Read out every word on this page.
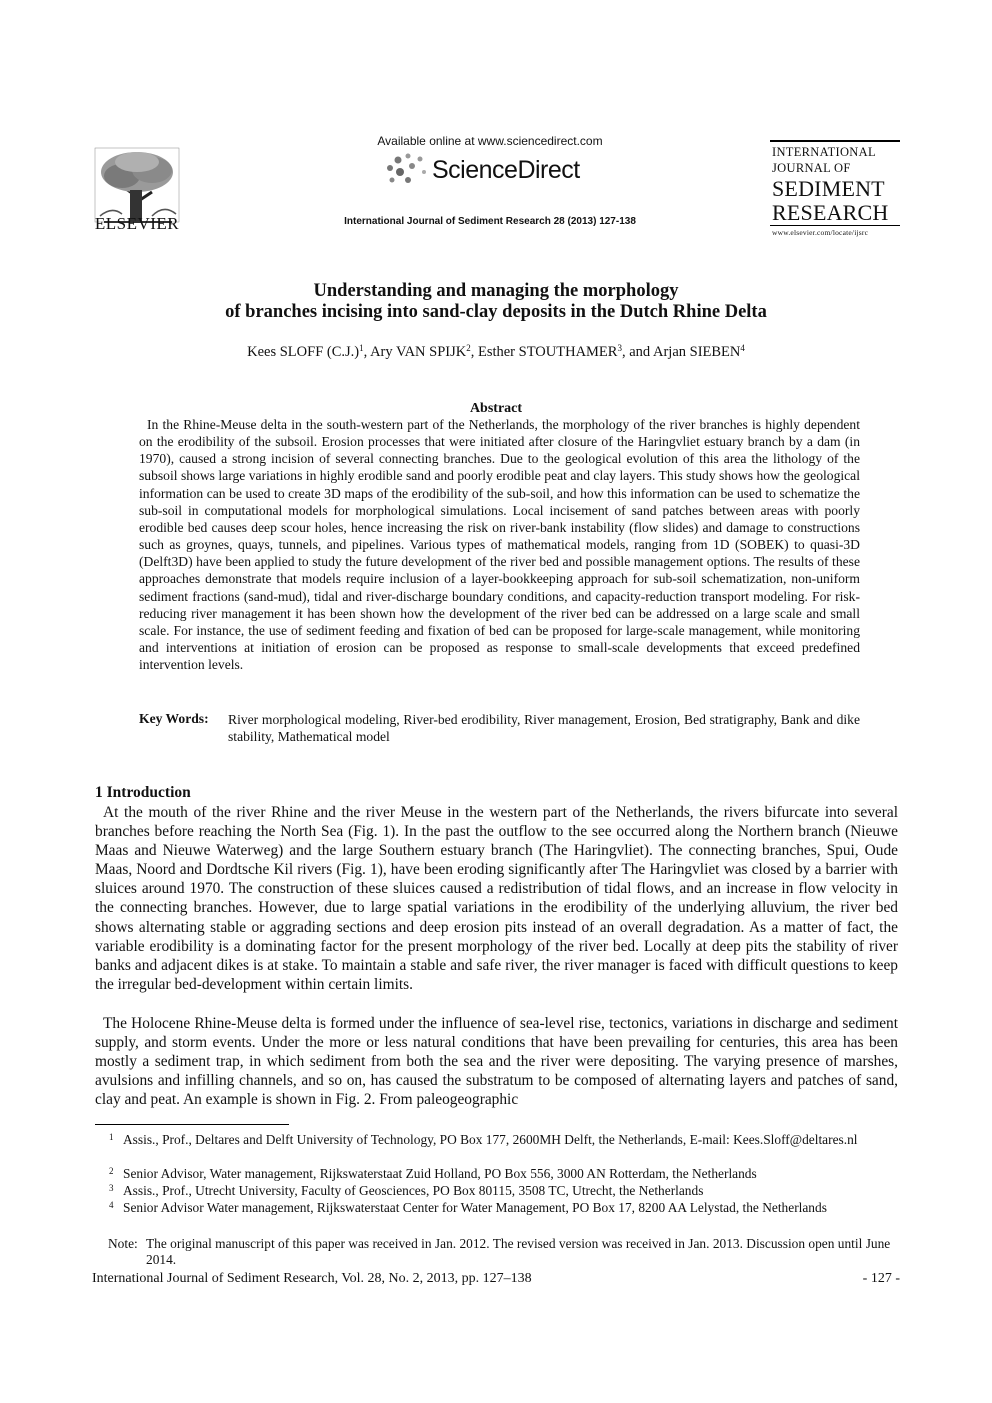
ELSEVIER
Available online at www.sciencedirect.com
ScienceDirect
International Journal of Sediment Research 28 (2013) 127-138
INTERNATIONAL
JOURNAL OF
SEDIMENT
RESEARCH
www.elsevier.com/locate/ijsrc
Understanding and managing the morphology
of branches incising into sand-clay deposits in the Dutch Rhine Delta
Kees SLOFF $(C.J.)^1$, Ary VAN SPIJK$^2$, Esther STOUTHAMER$^3$, and Arjan SIEBEN$^4$
Abstract
In the Rhine-Meuse delta in the south-western part of the Netherlands, the morphology of the river branches is highly dependent on the erodibility of the subsoil. Erosion processes that were initiated after closure of the Haringvliet estuary branch by a dam (in 1970), caused a strong incision of several connecting branches. Due to the geological evolution of this area the lithology of the subsoil shows large variations in highly erodible sand and poorly erodible peat and clay layers. This study shows how the geological information can be used to create 3D maps of the erodibility of the sub-soil, and how this information can be used to schematize the sub-soil in computational models for morphological simulations. Local incisement of sand patches between areas with poorly erodible bed causes deep scour holes, hence increasing the risk on river-bank instability (flow slides) and damage to constructions such as groynes, quays, tunnels, and pipelines. Various types of mathematical models, ranging from 1D (SOBEK) to quasi-3D (Delft3D) have been applied to study the future development of the river bed and possible management options. The results of these approaches demonstrate that models require inclusion of a layer-bookkeeping approach for sub-soil schematization, non-uniform sediment fractions (sand-mud), tidal and river-discharge boundary conditions, and capacity-reduction transport modeling. For risk-reducing river management it has been shown how the development of the river bed can be addressed on a large scale and small scale. For instance, the use of sediment feeding and fixation of bed can be proposed for large-scale management, while monitoring and interventions at initiation of erosion can be proposed as response to small-scale developments that exceed predefined intervention levels.
Key Words: River morphological modeling, River-bed erodibility, River management, Erosion, Bed stratigraphy, Bank and dike stability, Mathematical model
1 Introduction
At the mouth of the river Rhine and the river Meuse in the western part of the Netherlands, the rivers bifurcate into several branches before reaching the North Sea (Fig. 1). In the past the outflow to the see occurred along the Northern branch (Nieuwe Maas and Nieuwe Waterweg) and the large Southern estuary branch (The Haringvliet). The connecting branches, Spui, Oude Maas, Noord and Dordtsche Kil rivers (Fig. 1), have been eroding significantly after The Haringvliet was closed by a barrier with sluices around 1970. The construction of these sluices caused a redistribution of tidal flows, and an increase in flow velocity in the connecting branches. However, due to large spatial variations in the erodibility of the underlying alluvium, the river bed shows alternating stable or aggrading sections and deep erosion pits instead of an overall degradation. As a matter of fact, the variable erodibility is a dominating factor for the present morphology of the river bed. Locally at deep pits the stability of river banks and adjacent dikes is at stake. To maintain a stable and safe river, the river manager is faced with difficult questions to keep the irregular bed-development within certain limits.
The Holocene Rhine-Meuse delta is formed under the influence of sea-level rise, tectonics, variations in discharge and sediment supply, and storm events. Under the more or less natural conditions that have been prevailing for centuries, this area has been mostly a sediment trap, in which sediment from both the sea and the river were depositing. The varying presence of marshes, avulsions and infilling channels, and so on, has caused the substratum to be composed of alternating layers and patches of sand, clay and peat. An example is shown in Fig. 2. From paleogeographic
1 Assis., Prof., Deltares and Delft University of Technology, PO Box 177, 2600MH Delft, the Netherlands, E-mail: Kees.Sloff@deltares.nl
2 Senior Advisor, Water management, Rijkswaterstaat Zuid Holland, PO Box 556, 3000 AN Rotterdam, the Netherlands
3 Assis., Prof., Utrecht University, Faculty of Geosciences, PO Box 80115, 3508 TC, Utrecht, the Netherlands
4 Senior Advisor Water management, Rijkswaterstaat Center for Water Management, PO Box 17, 8200 AA Lelystad, the Netherlands
Note: The original manuscript of this paper was received in Jan. 2012. The revised version was received in Jan. 2013. Discussion open until June 2014.
International Journal of Sediment Research, Vol. 28, No. 2, 2013, pp. 127–138	- 127 -
